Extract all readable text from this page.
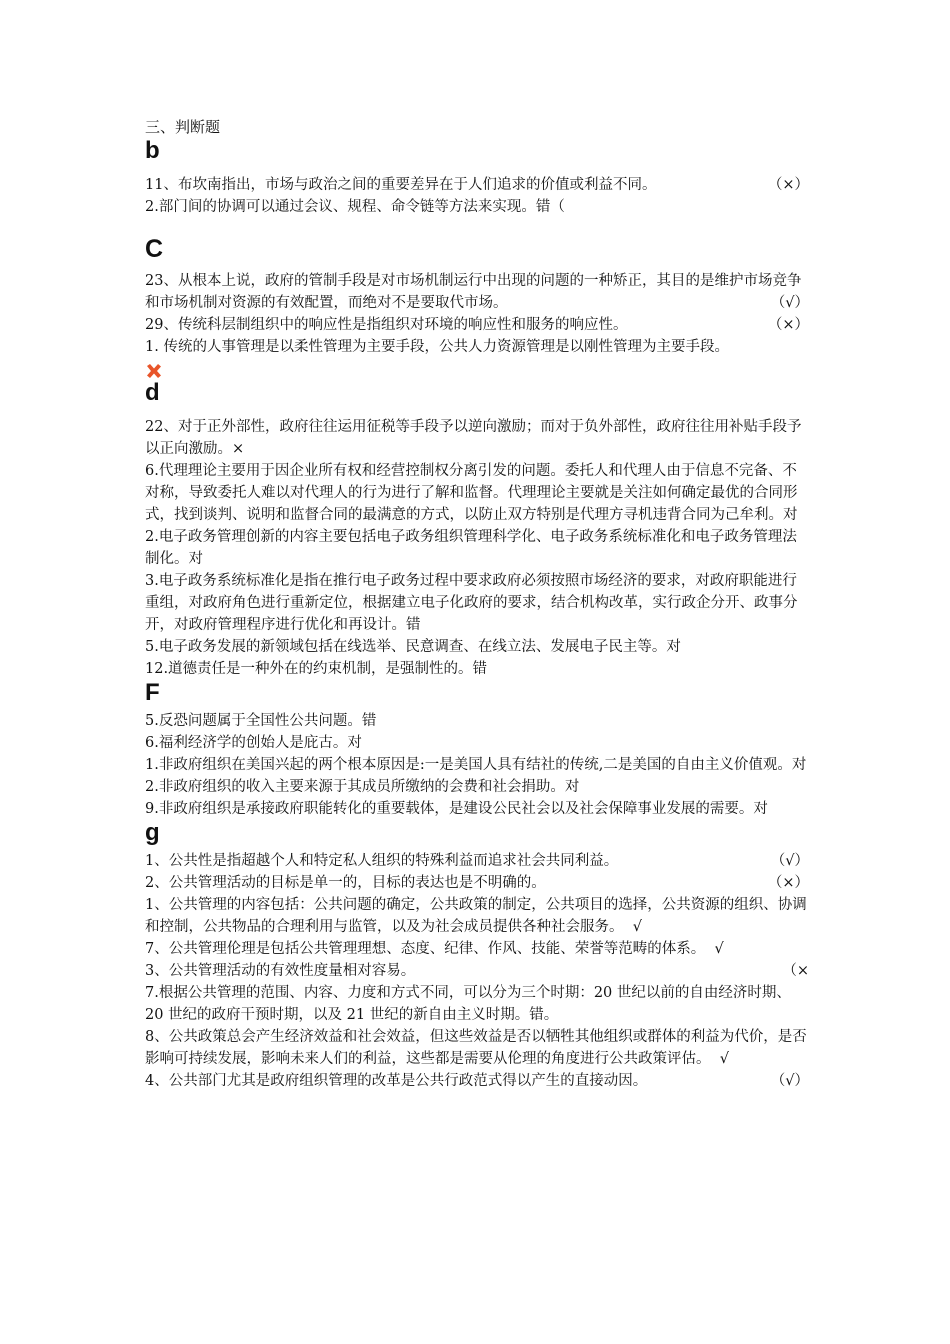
三、判断题

b

11、布坎南指出，市场与政治之间的重要差异在于人们追求的价值或利益不同。	（×）

2.部门间的协调可以通过会议、规程、命令链等方法来实现。错（

C

23、从根本上说，政府的管制手段是对市场机制运行中出现的问题的一种矫正，其目的是维护市场竞争和市场机制对资源的有效配置，而绝对不是要取代市场。	（√）

29、传统科层制组织中的响应性是指组织对环境的响应性和服务的响应性。	（×）

1. 传统的人事管理是以柔性管理为主要手段，公共人力资源管理是以刚性管理为主要手段。

d

22、对于正外部性，政府往往运用征税等手段予以逆向激励；而对于负外部性，政府往往用补贴手段予以正向激励。×

6.代理理论主要用于因企业所有权和经营控制权分离引发的问题。委托人和代理人由于信息不完备、不对称，导致委托人难以对代理人的行为进行了解和监督。代理理论主要就是关注如何确定最优的合同形式，找到谈判、说明和监督合同的最满意的方式，以防止双方特别是代理方寻机违背合同为己牟利。对

2.电子政务管理创新的内容主要包括电子政务组织管理科学化、电子政务系统标准化和电子政务管理法制化。对

3.电子政务系统标准化是指在推行电子政务过程中要求政府必须按照市场经济的要求，对政府职能进行重组，对政府角色进行重新定位，根据建立电子化政府的要求，结合机构改革，实行政企分开、政事分开，对政府管理程序进行优化和再设计。错

5.电子政务发展的新领域包括在线选举、民意调查、在线立法、发展电子民主等。对

12.道德责任是一种外在的约束机制，是强制性的。错

F

5.反恐问题属于全国性公共问题。错

6.福利经济学的创始人是庇古。对

1.非政府组织在美国兴起的两个根本原因是:一是美国人具有结社的传统,二是美国的自由主义价值观。对

2.非政府组织的收入主要来源于其成员所缴纳的会费和社会捐助。对

9.非政府组织是承接政府职能转化的重要载体，是建设公民社会以及社会保障事业发展的需要。对

g

1、公共性是指超越个人和特定私人组织的特殊利益而追求社会共同利益。	（√）

2、公共管理活动的目标是单一的，目标的表达也是不明确的。	（×）

1、公共管理的内容包括：公共问题的确定，公共政策的制定，公共项目的选择，公共资源的组织、协调和控制，公共物品的合理利用与监管，以及为社会成员提供各种社会服务。 √

7、公共管理伦理是包括公共管理理想、态度、纪律、作风、技能、荣誉等范畴的体系。 √

3、公共管理活动的有效性度量相对容易。	（×

7.根据公共管理的范围、内容、力度和方式不同，可以分为三个时期：20 世纪以前的自由经济时期、20 世纪的政府干预时期，以及 21 世纪的新自由主义时期。错。

8、公共政策总会产生经济效益和社会效益，但这些效益是否以牺牲其他组织或群体的利益为代价，是否影响可持续发展，影响未来人们的利益，这些都是需要从伦理的角度进行公共政策评估。 √

4、公共部门尤其是政府组织管理的改革是公共行政范式得以产生的直接动因。	（√）
